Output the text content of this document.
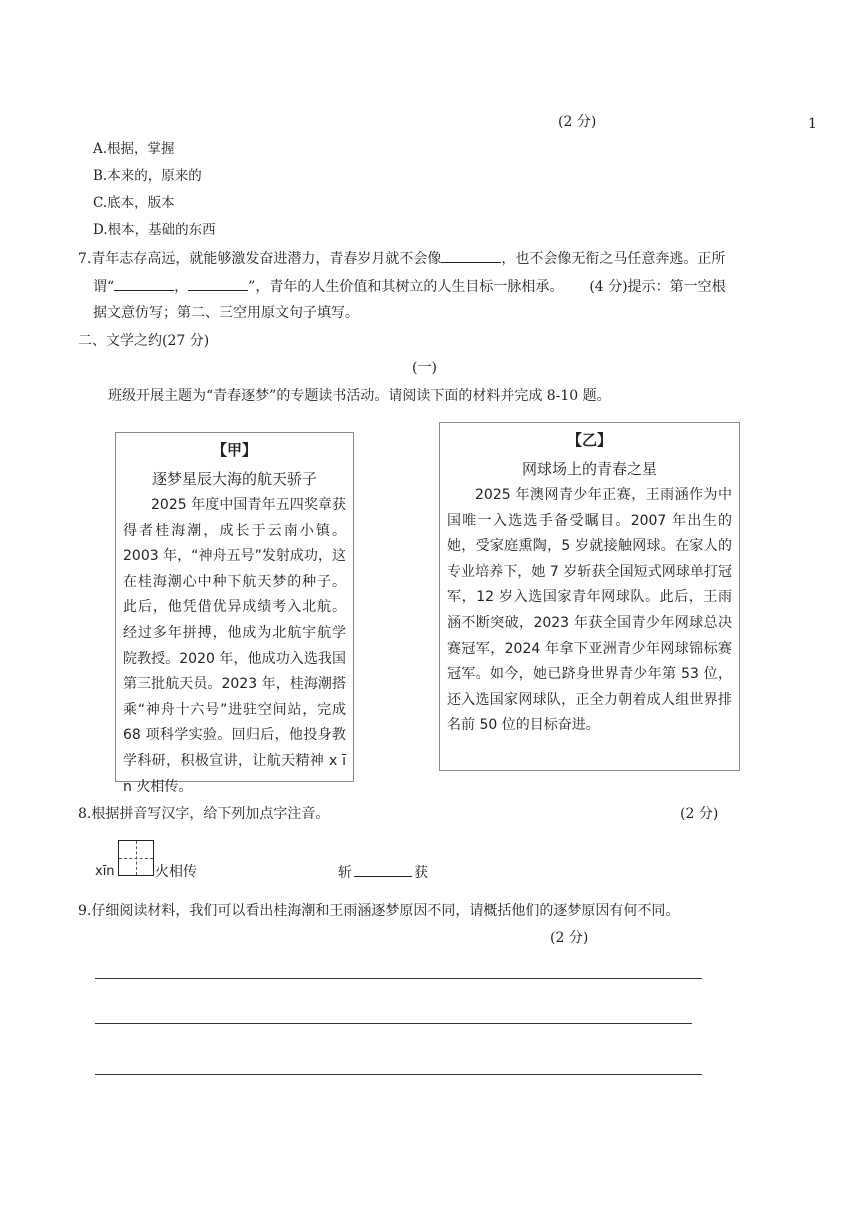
1
(2 分)
A.根据，掌握
B.本来的，原来的
C.底本，版本
D.根本，基础的东西
7.青年志存高远，就能够激发奋进潜力，青春岁月就不会像	，也不会像无衔之马任意奔逃。正所
谓“	，	”，青年的人生价值和其树立的人生目标一脉相承。 (4 分)提示：第一空根
据文意仿写；第二、三空用原文句子填写。
二、文学之约(27 分)
(一)
班级开展主题为“青春逐梦”的专题读书活动。请阅读下面的材料并完成 8-10 题。
【甲】
逐梦星辰大海的航天骄子
2025 年度中国青年五四奖章获得者桂海潮，成长于云南小镇。2003 年，“神舟五号”发射成功，这在桂海潮心中种下航天梦的种子。此后，他凭借优异成绩考入北航。经过多年拼搏，他成为北航宇航学院教授。2020 年，他成功入选我国第三批航天员。2023 年，桂海潮搭乘“神舟十六号”进驻空间站，完成 68 项科学实验。回归后，他投身教学科研，积极宣讲，让航天精神 x ī n 火相传。
【乙】
网球场上的青春之星
2025 年澳网青少年正赛，王雨涵作为中国唯一入选选手备受瞩目。2007 年出生的她，受家庭熏陶，5 岁就接触网球。在家人的专业培养下，她 7 岁斩获全国短式网球单打冠军，12 岁入选国家青年网球队。此后，王雨涵不断突破，2023 年获全国青少年网球总决赛冠军，2024 年拿下亚洲青少年网球锦标赛冠军。如今，她已跻身世界青少年第 53 位，还入选国家网球队，正全力朝着成人组世界排名前 50 位的目标奋进。
8.根据拼音写汉字，给下列加点字注音。	(2 分)
xīn	火相传	斩	获
9.仔细阅读材料，我们可以看出桂海潮和王雨涵逐梦原因不同，请概括他们的逐梦原因有何不同。
(2 分)
